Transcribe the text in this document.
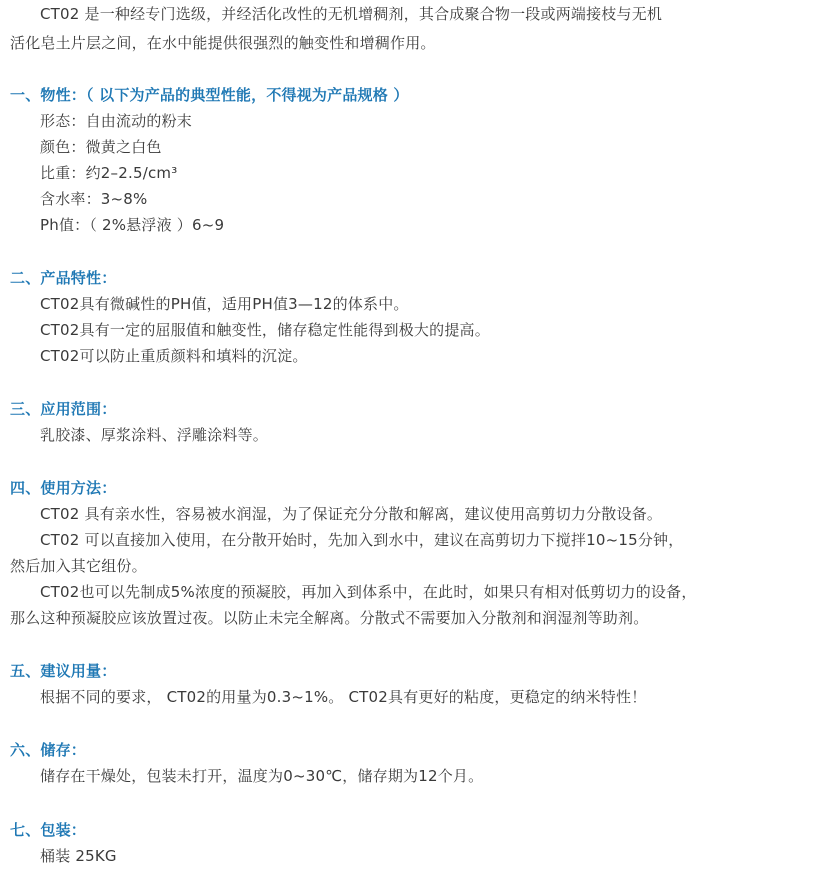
CT02 是一种经专门选级，并经活化改性的无机增稠剂，其合成聚合物一段或两端接枝与无机
活化皂土片层之间，在水中能提供很强烈的触变性和增稠作用。
一、物性：（ 以下为产品的典型性能，不得视为产品规格 ）
形态：自由流动的粉末
颜色：微黄之白色
比重：约2–2.5/cm³
含水率：3~8%
Ph值：（ 2%悬浮液 ）6~9
二、产品特性：
CT02具有微碱性的PH值，适用PH值3—12的体系中。
CT02具有一定的屈服值和触变性，储存稳定性能得到极大的提高。
CT02可以防止重质颜料和填料的沉淀。
三、应用范围：
乳胶漆、厚浆涂料、浮雕涂料等。
四、使用方法：
CT02 具有亲水性，容易被水润湿，为了保证充分分散和解离，建议使用高剪切力分散设备。
CT02 可以直接加入使用，在分散开始时，先加入到水中，建议在高剪切力下搅拌10~15分钟，
然后加入其它组份。
CT02也可以先制成5%浓度的预凝胶，再加入到体系中，在此时，如果只有相对低剪切力的设备，
那么这种预凝胶应该放置过夜。以防止未完全解离。分散式不需要加入分散剂和润湿剂等助剂。
五、建议用量：
根据不同的要求， CT02的用量为0.3~1%。 CT02具有更好的粘度，更稳定的纳米特性！
六、储存：
储存在干燥处，包装未打开，温度为0~30℃，储存期为12个月。
七、包装：
桶装 25KG
